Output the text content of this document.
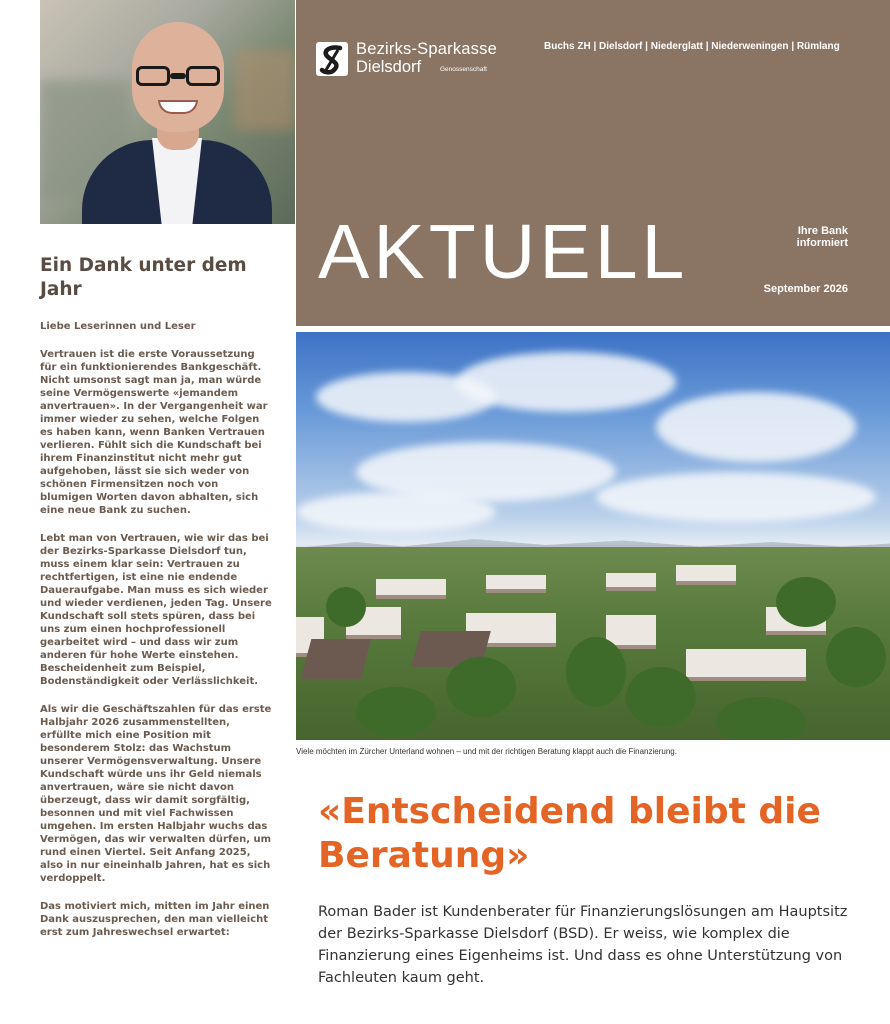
Ein Dank unter dem Jahr

Liebe Leserinnen und Leser

Vertrauen ist die erste Voraussetzung für ein funktionierendes Bankgeschäft. Nicht umsonst sagt man ja, man würde seine Vermögenswerte «jemandem anvertrauen». In der Vergangenheit war immer wieder zu sehen, welche Folgen es haben kann, wenn Banken Vertrauen verlieren. Fühlt sich die Kundschaft bei ihrem Finanzinstitut nicht mehr gut aufgehoben, lässt sie sich weder von schönen Firmensitzen noch von blumigen Worten davon abhalten, sich eine neue Bank zu suchen.

Lebt man von Vertrauen, wie wir das bei der Bezirks-Sparkasse Dielsdorf tun, muss einem klar sein: Vertrauen zu rechtfertigen, ist eine nie endende Daueraufgabe. Man muss es sich wieder und wieder verdienen, jeden Tag. Unsere Kundschaft soll stets spüren, dass bei uns zum einen hochprofessionell gearbeitet wird – und dass wir zum anderen für hohe Werte einstehen. Bescheidenheit zum Beispiel, Bodenständigkeit oder Verlässlichkeit.

Als wir die Geschäftszahlen für das erste Halbjahr 2026 zusammenstellten, erfüllte mich eine Position mit besonderem Stolz: das Wachstum unserer Vermögensverwaltung. Unsere Kundschaft würde uns ihr Geld niemals anvertrauen, wäre sie nicht davon überzeugt, dass wir damit sorgfältig, besonnen und mit viel Fachwissen umgehen. Im ersten Halbjahr wuchs das Vermögen, das wir verwalten dürfen, um rund einen Viertel. Seit Anfang 2025, also in nur eineinhalb Jahren, hat es sich verdoppelt.

Das motiviert mich, mitten im Jahr einen Dank auszusprechen, den man vielleicht erst zum Jahreswechsel erwartet:

Bezirks-Sparkasse
Dielsdorf	Genossenschaft
Buchs ZH | Dielsdorf | Niederglatt | Niederweningen | Rümlang
AKTUELL	Ihre Bank informiert
September 2026
Viele möchten im Zürcher Unterland wohnen – und mit der richtigen Beratung klappt auch die Finanzierung.
«Entscheidend bleibt die Beratung»

Roman Bader ist Kundenberater für Finanzierungslösungen am Hauptsitz der Bezirks-Sparkasse Dielsdorf (BSD). Er weiss, wie komplex die Finanzierung eines Eigenheims ist. Und dass es ohne Unterstützung von Fachleuten kaum geht.
